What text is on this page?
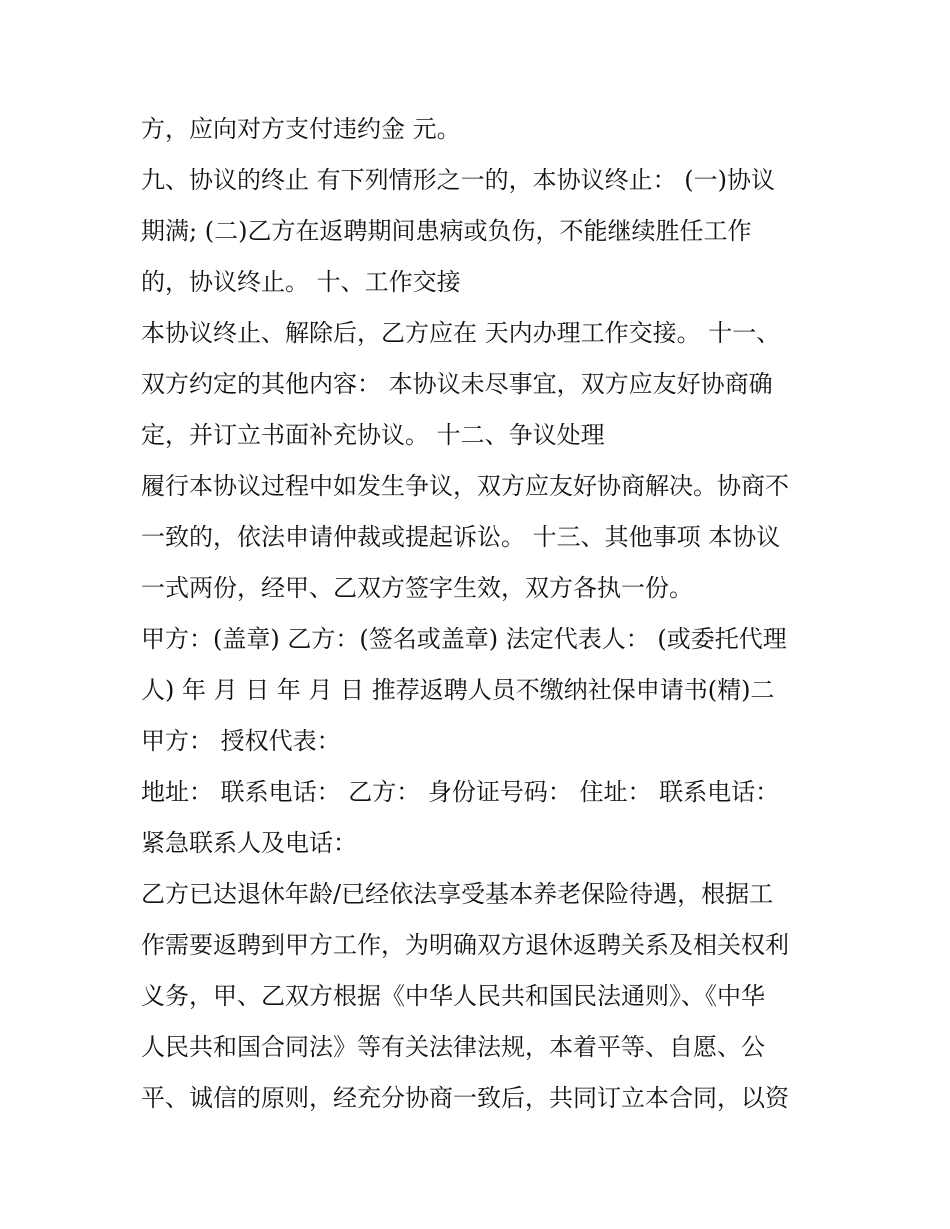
方，应向对方支付违约金 元。
九、协议的终止 有下列情形之一的，本协议终止： (一)协议
期满; (二)乙方在返聘期间患病或负伤，不能继续胜任工作
的，协议终止。 十、工作交接
本协议终止、解除后，乙方应在 天内办理工作交接。 十一、
双方约定的其他内容： 本协议未尽事宜，双方应友好协商确
定，并订立书面补充协议。 十二、争议处理
履行本协议过程中如发生争议，双方应友好协商解决。协商不
一致的，依法申请仲裁或提起诉讼。 十三、其他事项 本协议
一式两份，经甲、乙双方签字生效，双方各执一份。
甲方：(盖章) 乙方：(签名或盖章) 法定代表人： (或委托代理
人) 年 月 日 年 月 日 推荐返聘人员不缴纳社保申请书(精)二
甲方： 授权代表：
地址： 联系电话： 乙方： 身份证号码： 住址： 联系电话：
紧急联系人及电话：
乙方已达退休年龄/已经依法享受基本养老保险待遇，根据工
作需要返聘到甲方工作，为明确双方退休返聘关系及相关权利
义务，甲、乙双方根据《中华人民共和国民法通则》、《中华
人民共和国合同法》等有关法律法规，本着平等、自愿、公
平、诚信的原则，经充分协商一致后，共同订立本合同，以资
